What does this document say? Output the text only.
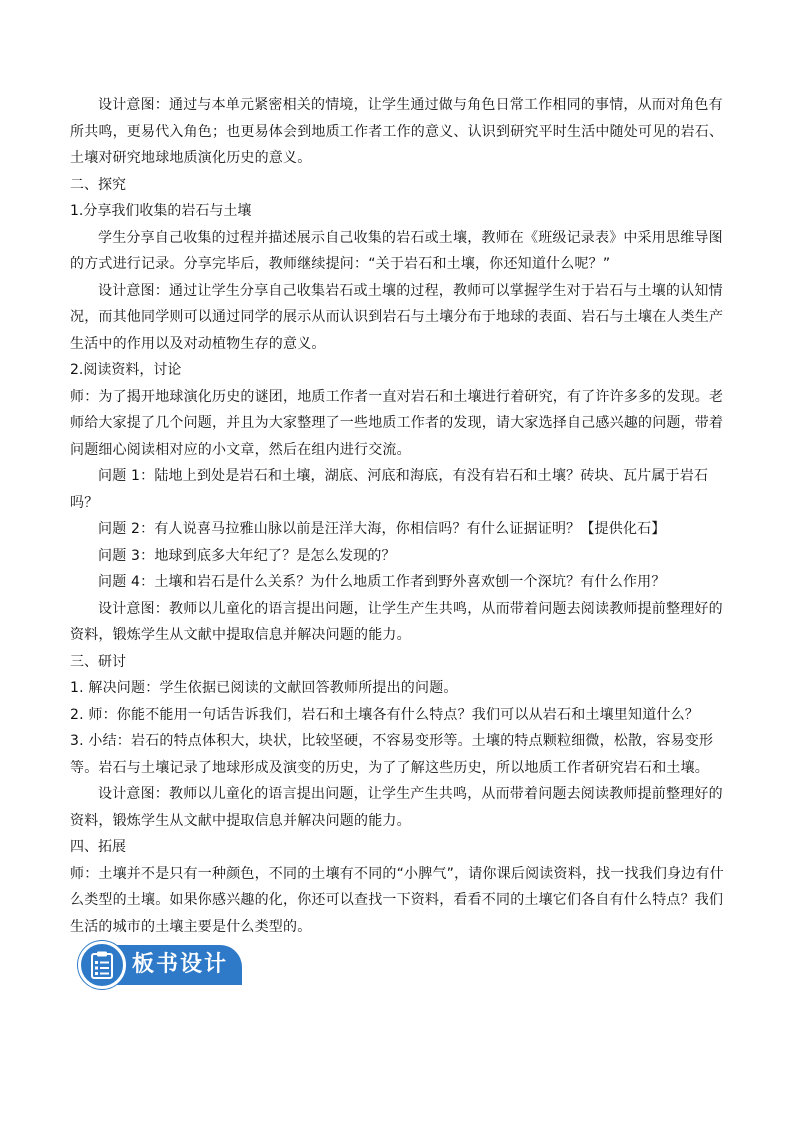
设计意图：通过与本单元紧密相关的情境，让学生通过做与角色日常工作相同的事情，从而对角色有所共鸣，更易代入角色；也更易体会到地质工作者工作的意义、认识到研究平时生活中随处可见的岩石、土壤对研究地球地质演化历史的意义。

二、探究

1.分享我们收集的岩石与土壤

学生分享自己收集的过程并描述展示自己收集的岩石或土壤，教师在《班级记录表》中采用思维导图的方式进行记录。分享完毕后，教师继续提问：“关于岩石和土壤，你还知道什么呢？”

设计意图：通过让学生分享自己收集岩石或土壤的过程，教师可以掌握学生对于岩石与土壤的认知情况，而其他同学则可以通过同学的展示从而认识到岩石与土壤分布于地球的表面、岩石与土壤在人类生产生活中的作用以及对动植物生存的意义。

2.阅读资料，讨论

师：为了揭开地球演化历史的谜团，地质工作者一直对岩石和土壤进行着研究，有了许许多多的发现。老师给大家提了几个问题，并且为大家整理了一些地质工作者的发现，请大家选择自己感兴趣的问题，带着问题细心阅读相对应的小文章，然后在组内进行交流。

问题 1：陆地上到处是岩石和土壤，湖底、河底和海底，有没有岩石和土壤？砖块、瓦片属于岩石吗？

问题 2：有人说喜马拉雅山脉以前是汪洋大海，你相信吗？有什么证据证明？【提供化石】

问题 3：地球到底多大年纪了？是怎么发现的？

问题 4：土壤和岩石是什么关系？为什么地质工作者到野外喜欢刨一个深坑？有什么作用？

设计意图：教师以儿童化的语言提出问题，让学生产生共鸣，从而带着问题去阅读教师提前整理好的资料，锻炼学生从文献中提取信息并解决问题的能力。

三、研讨

1. 解决问题：学生依据已阅读的文献回答教师所提出的问题。

2. 师：你能不能用一句话告诉我们，岩石和土壤各有什么特点？我们可以从岩石和土壤里知道什么？

3. 小结：岩石的特点体积大，块状，比较坚硬，不容易变形等。土壤的特点颗粒细微，松散，容易变形等。岩石与土壤记录了地球形成及演变的历史，为了了解这些历史，所以地质工作者研究岩石和土壤。

设计意图：教师以儿童化的语言提出问题，让学生产生共鸣，从而带着问题去阅读教师提前整理好的资料，锻炼学生从文献中提取信息并解决问题的能力。

四、拓展

师：土壤并不是只有一种颜色，不同的土壤有不同的“小脾气”，请你课后阅读资料，找一找我们身边有什么类型的土壤。如果你感兴趣的化，你还可以查找一下资料，看看不同的土壤它们各自有什么特点？我们生活的城市的土壤主要是什么类型的。

板书设计
